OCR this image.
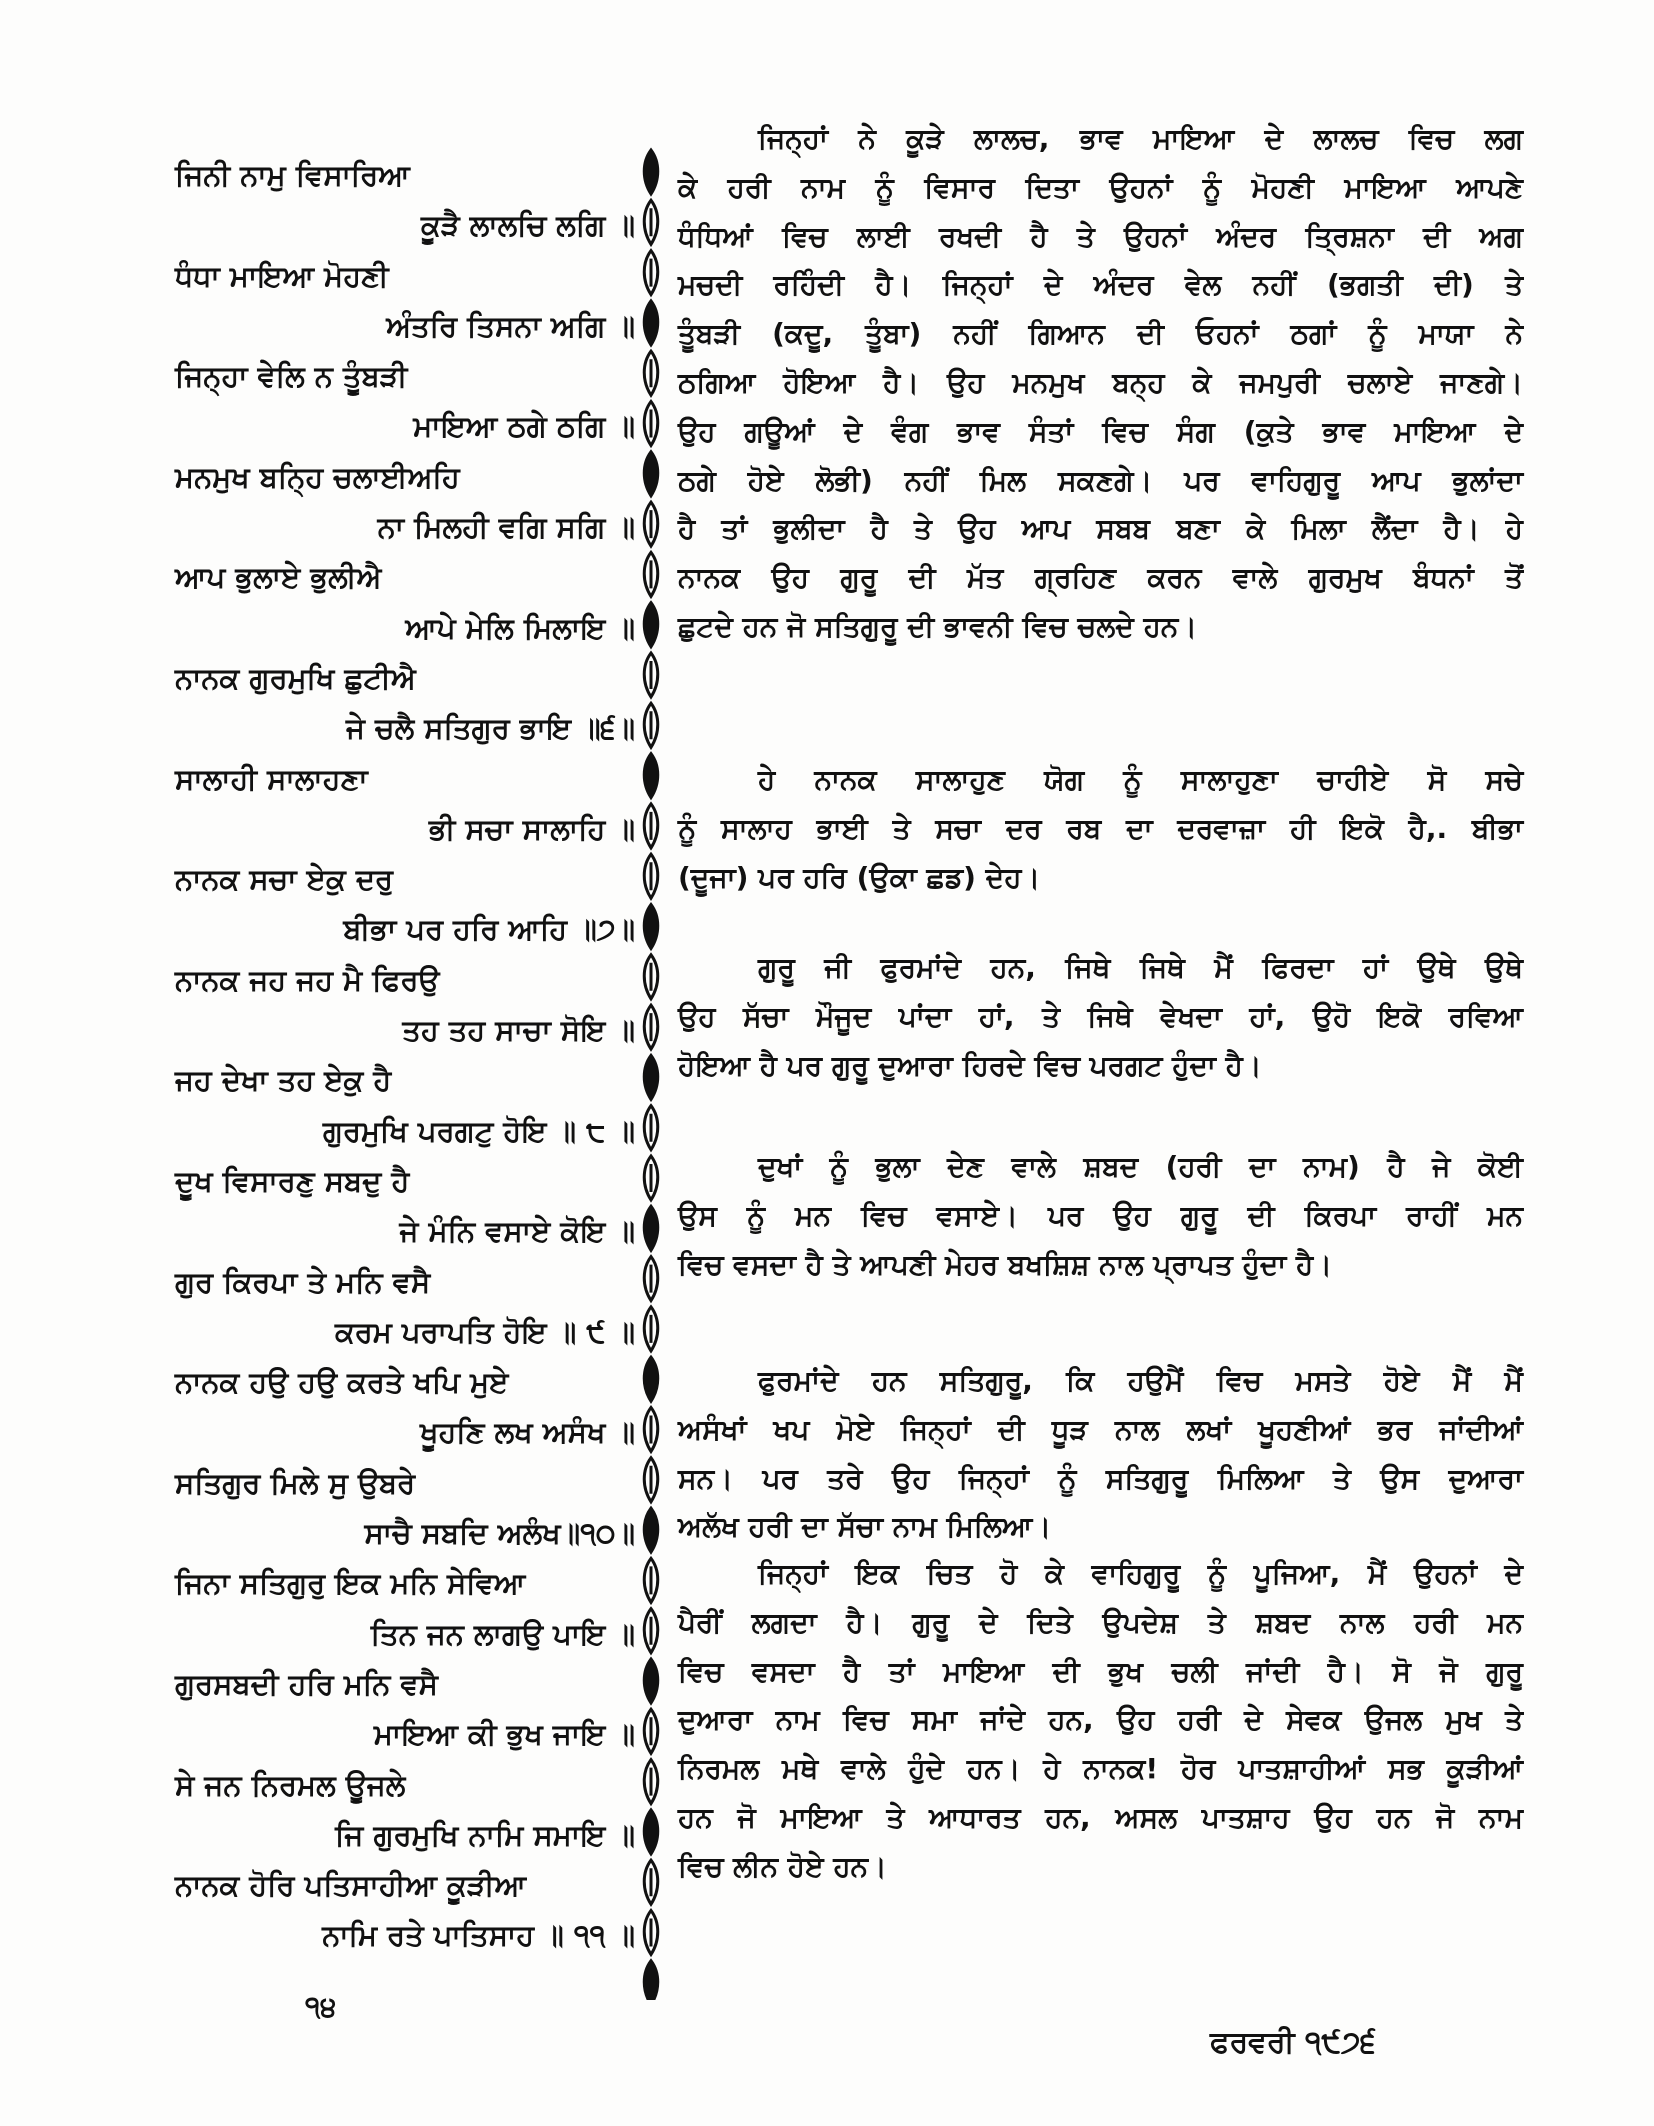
ਜਿਨੀ ਨਾਮੁ ਵਿਸਾਰਿਆ
ਕੂੜੈ ਲਾਲਚਿ ਲਗਿ ॥
ਧੰਧਾ ਮਾਇਆ ਮੋਹਣੀ
ਅੰਤਰਿ ਤਿਸਨਾ ਅਗਿ ॥
ਜਿਨ੍ਹਾ ਵੇਲਿ ਨ ਤੂੰਬੜੀ
ਮਾਇਆ ਠਗੇ ਠਗਿ ॥
ਮਨਮੁਖ ਬਨ੍ਹਿ ਚਲਾਈਅਹਿ
ਨਾ ਮਿਲਹੀ ਵਗਿ ਸਗਿ ॥
ਆਪ ਭੁਲਾਏ ਭੁਲੀਐ
ਆਪੇ ਮੇਲਿ ਮਿਲਾਇ ॥
ਨਾਨਕ ਗੁਰਮੁਖਿ ਛੁਟੀਐ
ਜੇ ਚਲੈ ਸਤਿਗੁਰ ਭਾਇ ॥੬॥
ਸਾਲਾਹੀ ਸਾਲਾਹਣਾ
ਭੀ ਸਚਾ ਸਾਲਾਹਿ ॥
ਨਾਨਕ ਸਚਾ ਏਕੁ ਦਰੁ
ਬੀਭਾ ਪਰ ਹਰਿ ਆਹਿ ॥੭॥
ਨਾਨਕ ਜਹ ਜਹ ਮੈ ਫਿਰਉ
ਤਹ ਤਹ ਸਾਚਾ ਸੋਇ ॥
ਜਹ ਦੇਖਾ ਤਹ ਏਕੁ ਹੈ
ਗੁਰਮੁਖਿ ਪਰਗਟੁ ਹੋਇ ॥ ੮ ॥
ਦੂਖ ਵਿਸਾਰਣੁ ਸਬਦੁ ਹੈ
ਜੇ ਮੰਨਿ ਵਸਾਏ ਕੋਇ ॥
ਗੁਰ ਕਿਰਪਾ ਤੇ ਮਨਿ ਵਸੈ
ਕਰਮ ਪਰਾਪਤਿ ਹੋਇ ॥ ੯ ॥
ਨਾਨਕ ਹਉ ਹਉ ਕਰਤੇ ਖਪਿ ਮੁਏ
ਖੂਹਣਿ ਲਖ ਅਸੰਖ ॥
ਸਤਿਗੁਰ ਮਿਲੇ ਸੁ ਉਬਰੇ
ਸਾਚੈ ਸਬਦਿ ਅਲੰਖ॥੧੦॥
ਜਿਨਾ ਸਤਿਗੁਰੁ ਇਕ ਮਨਿ ਸੇਵਿਆ
ਤਿਨ ਜਨ ਲਾਗਉ ਪਾਇ ॥
ਗੁਰਸਬਦੀ ਹਰਿ ਮਨਿ ਵਸੈ
ਮਾਇਆ ਕੀ ਭੁਖ ਜਾਇ ॥
ਸੇ ਜਨ ਨਿਰਮਲ ਊਜਲੇ
ਜਿ ਗੁਰਮੁਖਿ ਨਾਮਿ ਸਮਾਇ ॥
ਨਾਨਕ ਹੋਰਿ ਪਤਿਸਾਹੀਆ ਕੂੜੀਆ
ਨਾਮਿ ਰਤੇ ਪਾਤਿਸਾਹ ॥ ੧੧ ॥
ਜਿਨ੍ਹਾਂ ਨੇ ਕੂੜੇ ਲਾਲਚ, ਭਾਵ ਮਾਇਆ ਦੇ ਲਾਲਚ ਵਿਚ ਲਗ
ਕੇ ਹਰੀ ਨਾਮ ਨੂੰ ਵਿਸਾਰ ਦਿਤਾ ਉਹਨਾਂ ਨੂੰ ਮੋਹਣੀ ਮਾਇਆ ਆਪਣੇ
ਧੰਧਿਆਂ ਵਿਚ ਲਾਈ ਰਖਦੀ ਹੈ ਤੇ ਉਹਨਾਂ ਅੰਦਰ ਤ੍ਰਿਸ਼ਨਾ ਦੀ ਅਗ
ਮਚਦੀ ਰਹਿੰਦੀ ਹੈ। ਜਿਨ੍ਹਾਂ ਦੇ ਅੰਦਰ ਵੇਲ ਨਹੀਂ (ਭਗਤੀ ਦੀ) ਤੇ
ਤੂੰਬੜੀ (ਕਦੂ, ਤੂੰਬਾ) ਨਹੀਂ ਗਿਆਨ ਦੀ ਓਹਨਾਂ ਠਗਾਂ ਨੂੰ ਮਾਯਾ ਨੇ
ਠਗਿਆ ਹੋਇਆ ਹੈ। ਉਹ ਮਨਮੁਖ ਬਨ੍ਹ ਕੇ ਜਮਪੁਰੀ ਚਲਾਏ ਜਾਣਗੇ।
ਉਹ ਗਊਆਂ ਦੇ ਵੰਗ ਭਾਵ ਸੰਤਾਂ ਵਿਚ ਸੰਗ (ਕੁਤੇ ਭਾਵ ਮਾਇਆ ਦੇ
ਠਗੇ ਹੋਏ ਲੋਭੀ) ਨਹੀਂ ਮਿਲ ਸਕਣਗੇ। ਪਰ ਵਾਹਿਗੁਰੂ ਆਪ ਭੁਲਾਂਦਾ
ਹੈ ਤਾਂ ਭੁਲੀਦਾ ਹੈ ਤੇ ਉਹ ਆਪ ਸਬਬ ਬਣਾ ਕੇ ਮਿਲਾ ਲੈਂਦਾ ਹੈ। ਹੇ
ਨਾਨਕ ਉਹ ਗੁਰੂ ਦੀ ਮੱਤ ਗ੍ਰਹਿਣ ਕਰਨ ਵਾਲੇ ਗੁਰਮੁਖ ਬੰਧਨਾਂ ਤੋਂ
ਛੁਟਦੇ ਹਨ ਜੋ ਸਤਿਗੁਰੂ ਦੀ ਭਾਵਨੀ ਵਿਚ ਚਲਦੇ ਹਨ।
ਹੇ ਨਾਨਕ ਸਾਲਾਹੁਣ ਯੋਗ ਨੂੰ ਸਾਲਾਹੁਣਾ ਚਾਹੀਏ ਸੋ ਸਚੇ
ਨੂੰ ਸਾਲਾਹ ਭਾਈ ਤੇ ਸਚਾ ਦਰ ਰਬ ਦਾ ਦਰਵਾਜ਼ਾ ਹੀ ਇਕੋ ਹੈ,. ਬੀਭਾ
(ਦੂਜਾ) ਪਰ ਹਰਿ (ਉਕਾ ਛਡ) ਦੇਹ।
ਗੁਰੂ ਜੀ ਫੁਰਮਾਂਦੇ ਹਨ, ਜਿਥੇ ਜਿਥੇ ਮੈਂ ਫਿਰਦਾ ਹਾਂ ਉਥੇ ਉਥੇ
ਉਹ ਸੱਚਾ ਮੌਜੂਦ ਪਾਂਦਾ ਹਾਂ, ਤੇ ਜਿਥੇ ਵੇਖਦਾ ਹਾਂ, ਉਹੋ ਇਕੋ ਰਵਿਆ
ਹੋਇਆ ਹੈ ਪਰ ਗੁਰੂ ਦੁਆਰਾ ਹਿਰਦੇ ਵਿਚ ਪਰਗਟ ਹੁੰਦਾ ਹੈ।
ਦੁਖਾਂ ਨੂੰ ਭੁਲਾ ਦੇਣ ਵਾਲੇ ਸ਼ਬਦ (ਹਰੀ ਦਾ ਨਾਮ) ਹੈ ਜੇ ਕੋਈ
ਉਸ ਨੂੰ ਮਨ ਵਿਚ ਵਸਾਏ। ਪਰ ਉਹ ਗੁਰੂ ਦੀ ਕਿਰਪਾ ਰਾਹੀਂ ਮਨ
ਵਿਚ ਵਸਦਾ ਹੈ ਤੇ ਆਪਣੀ ਮੇਹਰ ਬਖਸ਼ਿਸ਼ ਨਾਲ ਪ੍ਰਾਪਤ ਹੁੰਦਾ ਹੈ।
ਫੁਰਮਾਂਦੇ ਹਨ ਸਤਿਗੁਰੂ, ਕਿ ਹਉਮੈਂ ਵਿਚ ਮਸਤੇ ਹੋਏ ਮੈਂ ਮੈਂ
ਅਸੰਖਾਂ ਖਪ ਮੋਏ ਜਿਨ੍ਹਾਂ ਦੀ ਧੂੜ ਨਾਲ ਲਖਾਂ ਖੂਹਣੀਆਂ ਭਰ ਜਾਂਦੀਆਂ
ਸਨ। ਪਰ ਤਰੇ ਉਹ ਜਿਨ੍ਹਾਂ ਨੂੰ ਸਤਿਗੁਰੂ ਮਿਲਿਆ ਤੇ ਉਸ ਦੁਆਰਾ
ਅਲੱਖ ਹਰੀ ਦਾ ਸੱਚਾ ਨਾਮ ਮਿਲਿਆ।
ਜਿਨ੍ਹਾਂ ਇਕ ਚਿਤ ਹੋ ਕੇ ਵਾਹਿਗੁਰੂ ਨੂੰ ਪੂਜਿਆ, ਮੈਂ ਉਹਨਾਂ ਦੇ
ਪੈਰੀਂ ਲਗਦਾ ਹੈ। ਗੁਰੂ ਦੇ ਦਿਤੇ ਉਪਦੇਸ਼ ਤੇ ਸ਼ਬਦ ਨਾਲ ਹਰੀ ਮਨ
ਵਿਚ ਵਸਦਾ ਹੈ ਤਾਂ ਮਾਇਆ ਦੀ ਭੁਖ ਚਲੀ ਜਾਂਦੀ ਹੈ। ਸੋ ਜੋ ਗੁਰੂ
ਦੁਆਰਾ ਨਾਮ ਵਿਚ ਸਮਾ ਜਾਂਦੇ ਹਨ, ਉਹ ਹਰੀ ਦੇ ਸੇਵਕ ਉਜਲ ਮੁਖ ਤੇ
ਨਿਰਮਲ ਮਥੇ ਵਾਲੇ ਹੁੰਦੇ ਹਨ। ਹੇ ਨਾਨਕ! ਹੋਰ ਪਾਤਸ਼ਾਹੀਆਂ ਸਭ ਕੂੜੀਆਂ
ਹਨ ਜੋ ਮਾਇਆ ਤੇ ਆਧਾਰਤ ਹਨ, ਅਸਲ ਪਾਤਸ਼ਾਹ ਉਹ ਹਨ ਜੋ ਨਾਮ
ਵਿਚ ਲੀਨ ਹੋਏ ਹਨ।
੧੪
ਫਰਵਰੀ ੧੯੭੬
